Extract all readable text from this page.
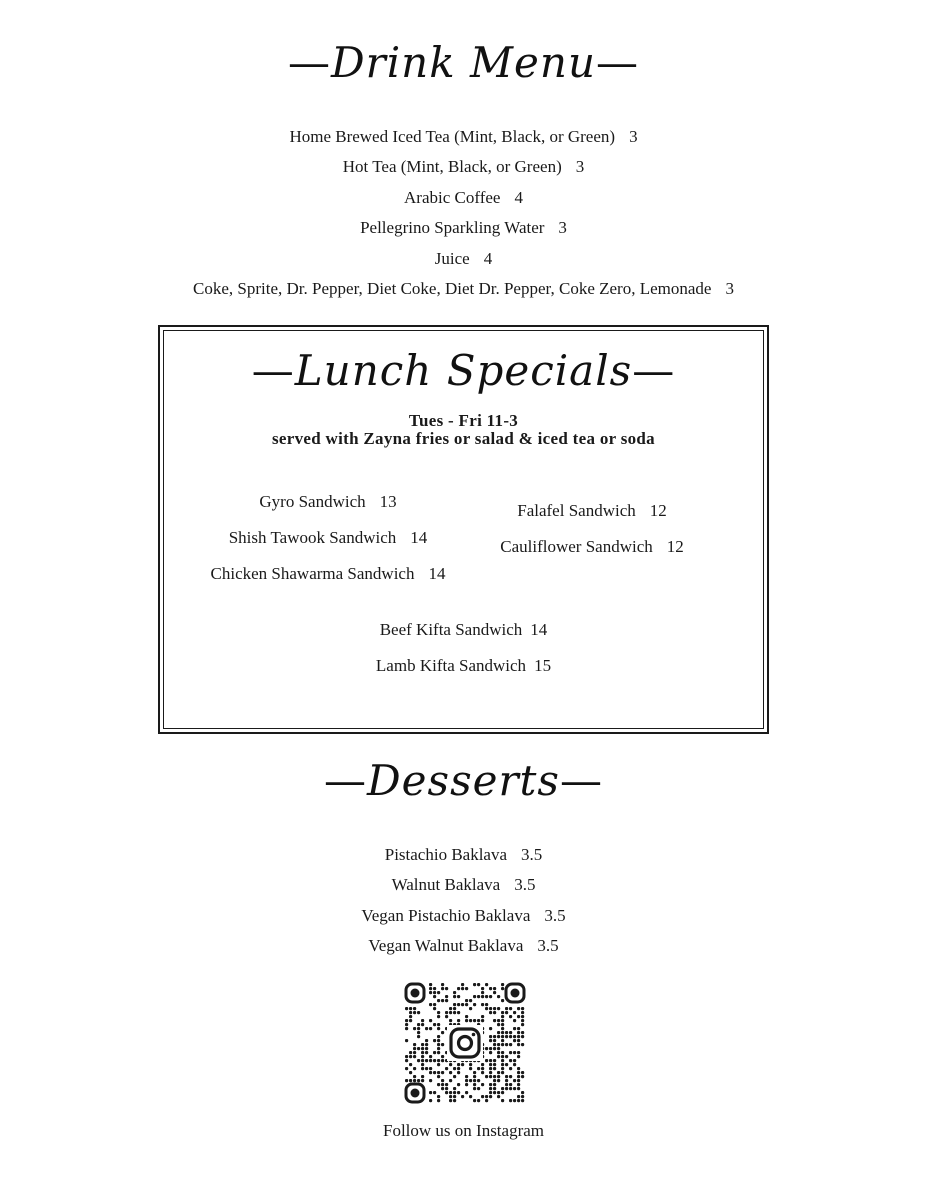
—Drink Menu—
Home Brewed Iced Tea (Mint, Black, or Green) 3
Hot Tea (Mint, Black, or Green) 3
Arabic Coffee 4
Pellegrino Sparkling Water 3
Juice 4
Coke, Sprite, Dr. Pepper, Diet Coke, Diet Dr. Pepper, Coke Zero, Lemonade 3
—Lunch Specials—
Tues - Fri 11-3
served with Zayna fries or salad & iced tea or soda
Gyro Sandwich 13
Shish Tawook Sandwich 14
Chicken Shawarma Sandwich 14
Falafel Sandwich 12
Cauliflower Sandwich 12
Beef Kifta Sandwich 14
Lamb Kifta Sandwich 15
—Desserts—
Pistachio Baklava 3.5
Walnut Baklava 3.5
Vegan Pistachio Baklava 3.5
Vegan Walnut Baklava 3.5
Follow us on Instagram
